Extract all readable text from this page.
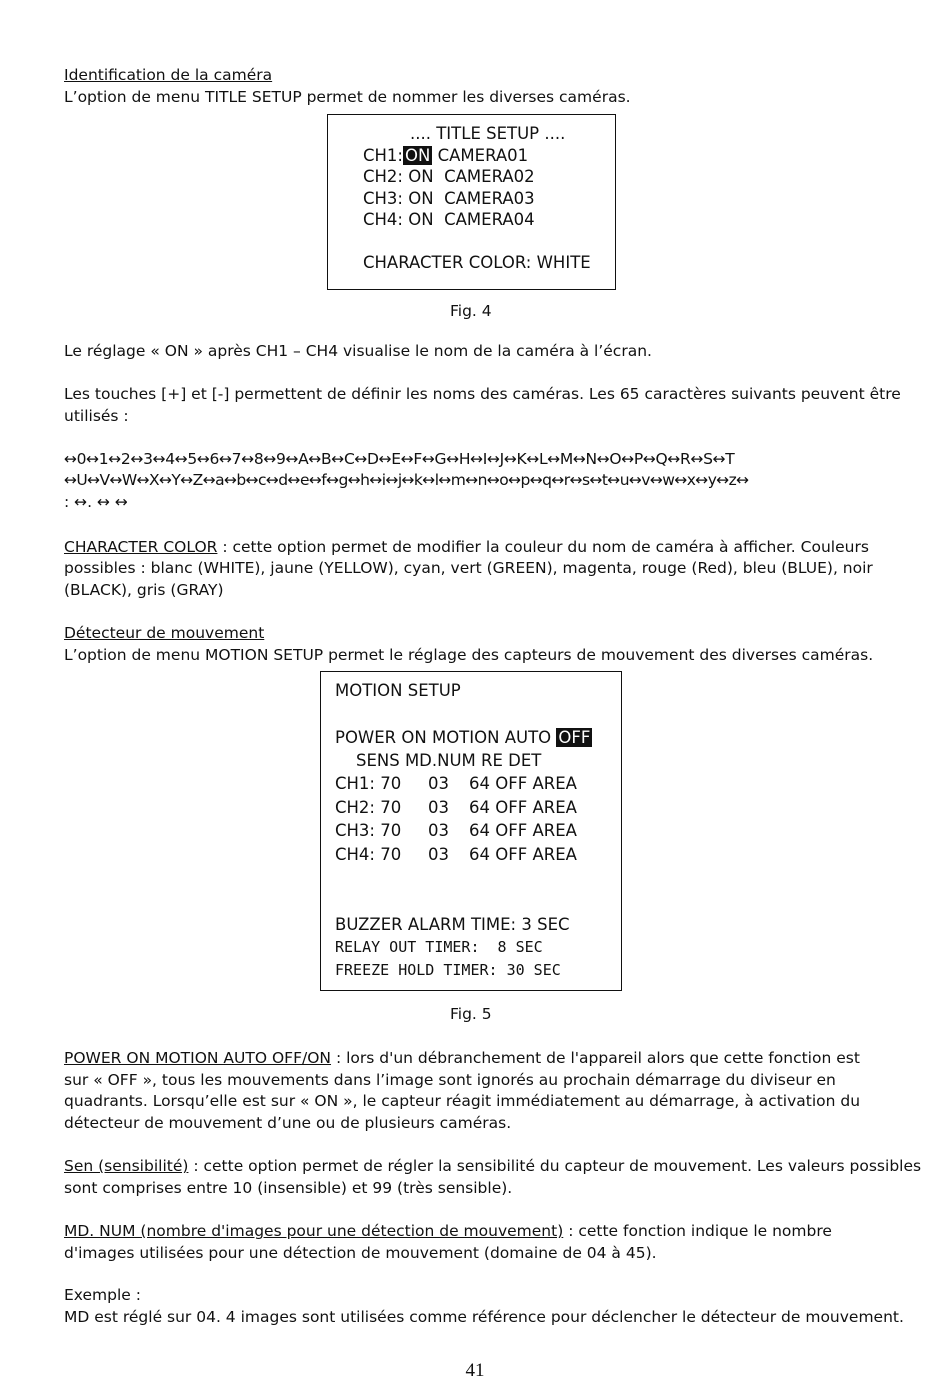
Identification de la caméra

L’option de menu TITLE SETUP permet de nommer les diverses caméras.

.... TITLE SETUP ....
CH1: ON CAMERA01
CH2: ON CAMERA02
CH3: ON CAMERA03
CH4: ON CAMERA04
CHARACTER COLOR: WHITE
Fig. 4

Le réglage « ON » après CH1 – CH4 visualise le nom de la caméra à l’écran.

Les touches [+] et [-] permettent de définir les noms des caméras. Les 65 caractères suivants peuvent être

utilisés :

↔0↔1↔2↔3↔4↔5↔6↔7↔8↔9↔A↔B↔C↔D↔E↔F↔G↔H↔I↔J↔K↔L↔M↔N↔O↔P↔Q↔R↔S↔T

↔U↔V↔W↔X↔Y↔Z↔a↔b↔c↔d↔e↔f↔g↔h↔i↔j↔k↔l↔m↔n↔o↔p↔q↔r↔s↔t↔u↔v↔w↔x↔y↔z↔

: ↔. ↔ ↔

CHARACTER COLOR : cette option permet de modifier la couleur du nom de caméra à afficher. Couleurs

possibles : blanc (WHITE), jaune (YELLOW), cyan, vert (GREEN), magenta, rouge (Red), bleu (BLUE), noir

(BLACK), gris (GRAY)

Détecteur de mouvement

L’option de menu MOTION SETUP permet le réglage des capteurs de mouvement des diverses caméras.

MOTION SETUP
POWER ON MOTION AUTO OFF
SENS MD.NUM RE DET
CH1: 70 03 64 OFF AREA
CH2: 70 03 64 OFF AREA
CH3: 70 03 64 OFF AREA
CH4: 70 03 64 OFF AREA
BUZZER ALARM TIME: 3 SEC
RELAY OUT TIMER:  8 SEC
FREEZE HOLD TIMER: 30 SEC
Fig. 5

POWER ON MOTION AUTO OFF/ON : lors d'un débranchement de l'appareil alors que cette fonction est

sur « OFF », tous les mouvements dans l’image sont ignorés au prochain démarrage du diviseur en

quadrants. Lorsqu’elle est sur « ON », le capteur réagit immédiatement au démarrage, à activation du

détecteur de mouvement d’une ou de plusieurs caméras.

Sen (sensibilité) : cette option permet de régler la sensibilité du capteur de mouvement. Les valeurs possibles

sont comprises entre 10 (insensible) et 99 (très sensible).

MD. NUM (nombre d'images pour une détection de mouvement) : cette fonction indique le nombre

d'images utilisées pour une détection de mouvement (domaine de 04 à 45).

Exemple :

MD est réglé sur 04. 4 images sont utilisées comme référence pour déclencher le détecteur de mouvement.

41
